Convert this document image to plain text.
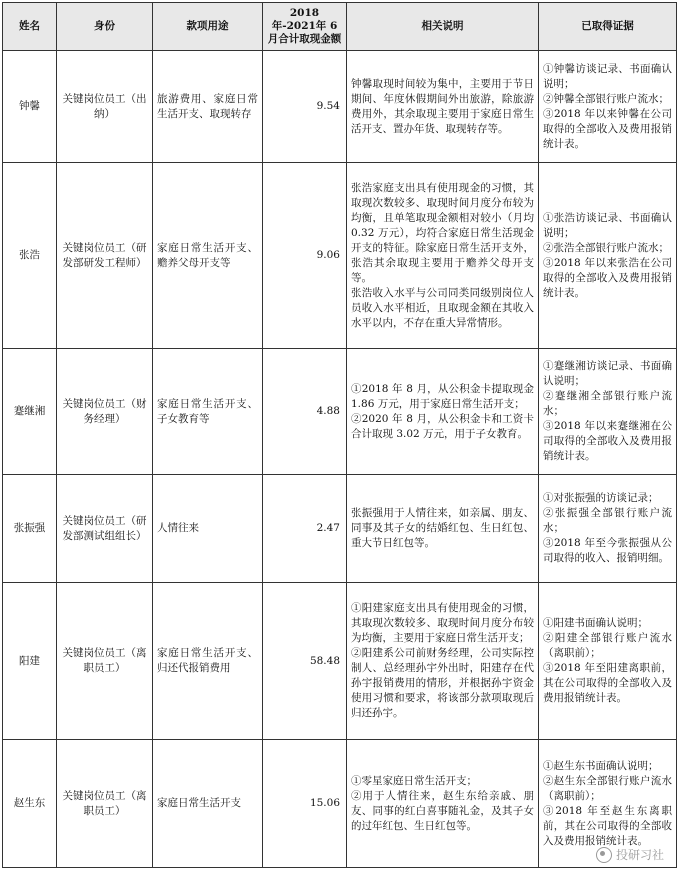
姓名	身份	款项用途	2018 年-2021年 6 月合计取现金额	相关说明	已取得证据
钟馨	关键岗位员工（出纳）	旅游费用、家庭日常生活开支、取现转存	9.54	钟馨取现时间较为集中，主要用于节日期间、年度休假期间外出旅游，除旅游费用外，其余取现主要用于家庭日常生活开支、置办年货、取现转存等。	①钟馨访谈记录、书面确认说明；
②钟馨全部银行账户流水；
③2018 年以来钟馨在公司取得的全部收入及费用报销统计表。

张浩	关键岗位员工（研发部研发工程师）	家庭日常生活开支、赡养父母开支等	9.06	张浩家庭支出具有使用现金的习惯，其取现次数较多、取现时间月度分布较为均衡，且单笔取现金额相对较小（月均 0.32 万元），均符合家庭日常生活现金开支的特征。除家庭日常生活开支外，张浩其余取现主要用于赡养父母开支等。
张浩收入水平与公司同类同级别岗位人员收入水平相近，且取现金额在其收入水平以内，不存在重大异常情形。	①张浩访谈记录、书面确认说明；
②张浩全部银行账户流水；
③2018 年以来张浩在公司取得的全部收入及费用报销统计表。

蹇继湘	关键岗位员工（财务经理）	家庭日常生活开支、子女教育等	4.88	①2018 年 8 月，从公积金卡提取现金 1.86 万元，用于家庭日常生活开支；
②2020 年 8 月，从公积金卡和工资卡合计取现 3.02 万元，用于子女教育。	①蹇继湘访谈记录、书面确认说明；
②蹇继湘全部银行账户流水；
③2018 年以来蹇继湘在公司取得的全部收入及费用报销统计表。

张振强	关键岗位员工（研发部测试组组长）	人情往来	2.47	张振强用于人情往来，如亲属、朋友、同事及其子女的结婚红包、生日红包、重大节日红包等。	①对张振强的访谈记录；
②张振强全部银行账户流水；
③2018 年至今张振强从公司取得的收入、报销明细。

阳建	关键岗位员工（离职员工）	家庭日常生活开支、归还代报销费用	58.48	①阳建家庭支出具有使用现金的习惯，其取现次数较多、取现时间月度分布较为均衡，主要用于家庭日常生活开支；
②阳建系公司前财务经理，公司实际控制人、总经理孙宇外出时，阳建存在代孙宇报销费用的情形，并根据孙宇资金使用习惯和要求，将该部分款项取现后归还孙宇。	①阳建书面确认说明；
②阳建全部银行账户流水（离职前）；
③2018 年至阳建离职前，其在公司取得的全部收入及费用报销统计表。

赵生东	关键岗位员工（离职员工）	家庭日常生活开支	15.06	①零星家庭日常生活开支；
②用于人情往来，赵生东给亲戚、朋友、同事的红白喜事随礼金，及其子女的过年红包、生日红包等。	①赵生东书面确认说明；
②赵生东全部银行账户流水（离职前）；
③2018 年至赵生东离职前，其在公司取得的全部收入及费用报销统计表。
投研习社
